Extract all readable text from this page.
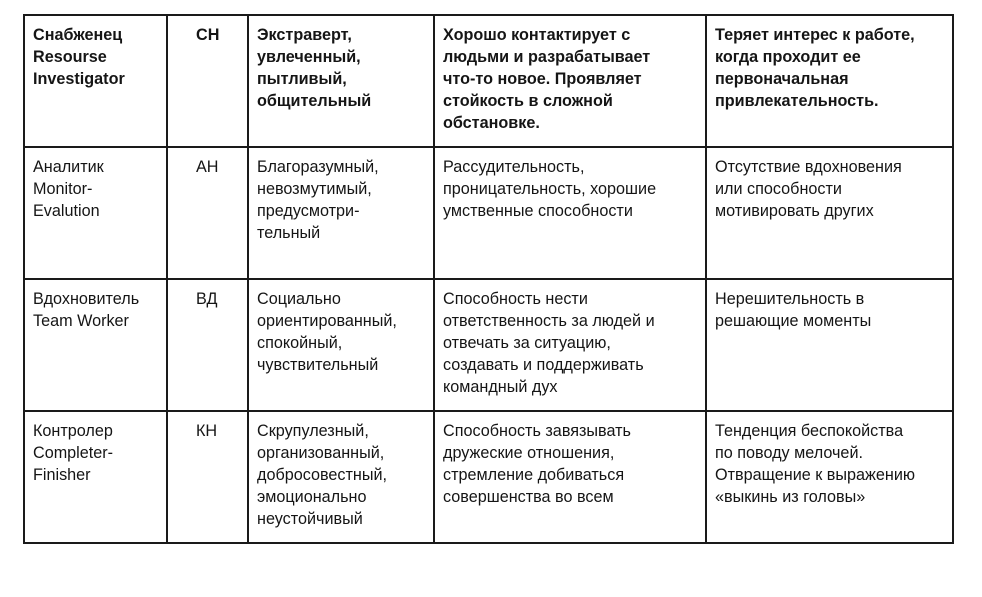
Снабженец
Resourse
Investigator	СН	Экстраверт,
увлеченный,
пытливый,
общительный	Хорошо контактирует с
людьми и разрабатывает
что-то новое. Проявляет
стойкость в сложной
обстановке.	Теряет интерес к работе,
когда проходит ее
первоначальная
привлекательность.
Аналитик
Monitor-
Evalution	АН	Благоразумный,
невозмутимый,
предусмотри-
тельный	Рассудительность,
проницательность, хорошие
умственные способности	Отсутствие вдохновения
или способности
мотивировать других
Вдохновитель
Team Worker	ВД	Социально
ориентированный,
спокойный,
чувствительный	Способность нести
ответственность за людей и
отвечать за ситуацию,
создавать и поддерживать
командный дух	Нерешительность в
решающие моменты
Контролер
Completer-
Finisher	КН	Скрупулезный,
организованный,
добросовестный,
эмоционально
неустойчивый	Способность завязывать
дружеские отношения,
стремление добиваться
совершенства во всем	Тенденция беспокойства
по поводу мелочей.
Отвращение к выражению
«выкинь из головы»
